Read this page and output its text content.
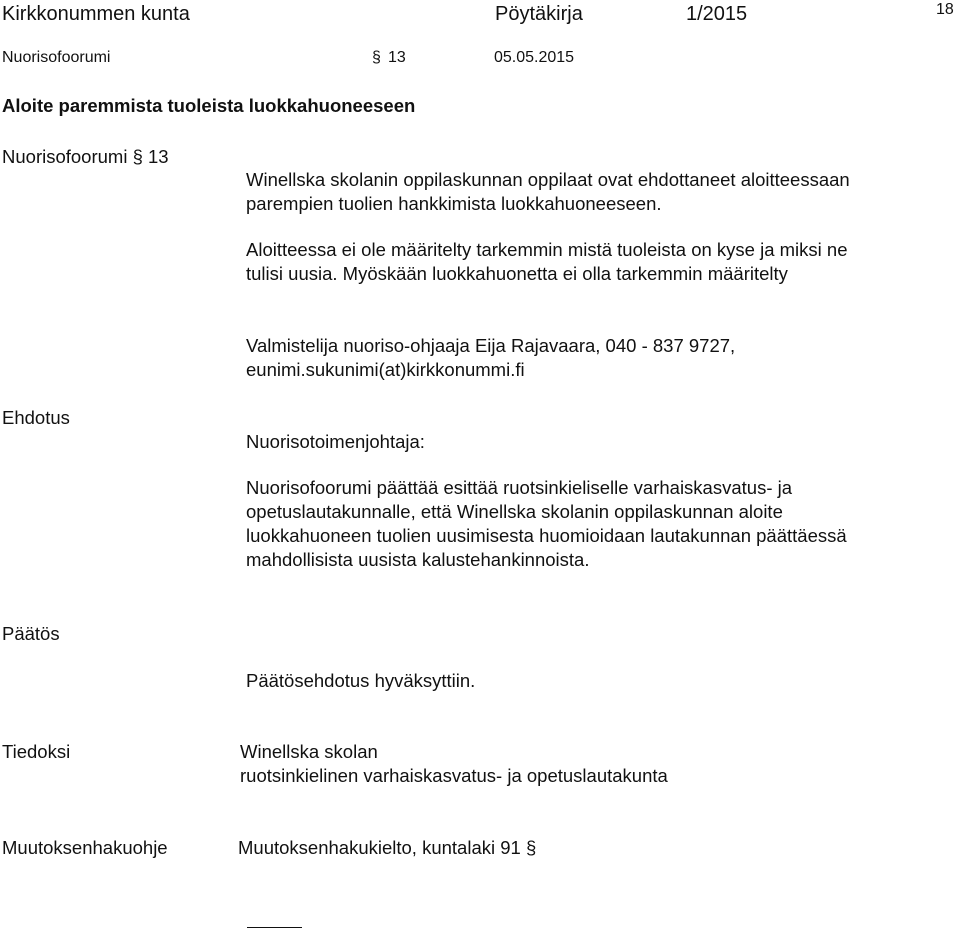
Kirkkonummen kunta	Pöytäkirja	1/2015	18
Nuorisofoorumi	§ 13	05.05.2015
Aloite paremmista tuoleista luokkahuoneeseen
Nuorisofoorumi § 13
Winellska skolanin oppilaskunnan oppilaat ovat ehdottaneet aloitteessaan
parempien tuolien hankkimista luokkahuoneeseen.
Aloitteessa ei ole määritelty tarkemmin mistä tuoleista on kyse ja miksi ne
tulisi uusia. Myöskään luokkahuonetta ei olla tarkemmin määritelty
Valmistelija nuoriso-ohjaaja Eija Rajavaara, 040 - 837 9727,
eunimi.sukunimi(at)kirkkonummi.fi
Ehdotus
Nuorisotoimenjohtaja:
Nuorisofoorumi päättää esittää ruotsinkieliselle varhaiskasvatus- ja
opetuslautakunnalle, että Winellska skolanin oppilaskunnan aloite
luokkahuoneen tuolien uusimisesta huomioidaan lautakunnan päättäessä
mahdollisista uusista kalustehankinnoista.
Päätös
Päätösehdotus hyväksyttiin.
Tiedoksi	Winellska skolan
ruotsinkielinen varhaiskasvatus- ja opetuslautakunta
Muutoksenhakuohje	Muutoksenhakukielto, kuntalaki 91 §
